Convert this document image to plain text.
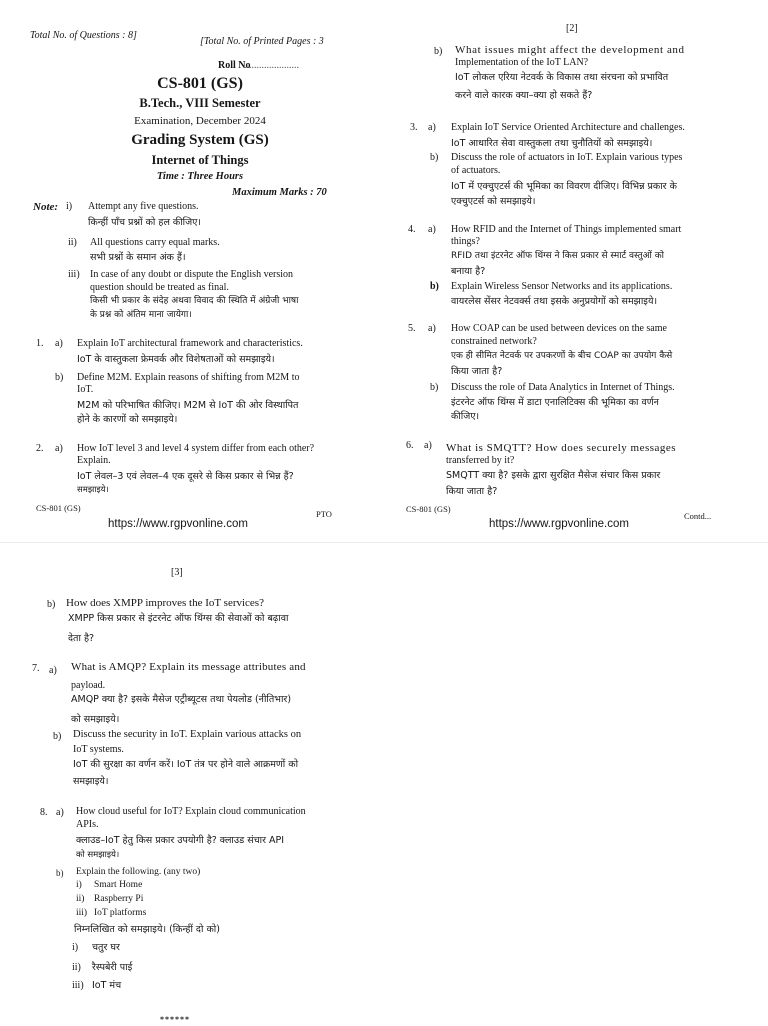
Total No. of Questions : 8]
[Total No. of Printed Pages : 3
Roll No
......................
CS-801 (GS)
B.Tech., VIII Semester
Examination, December 2024
Grading System (GS)
Internet of Things
Time : Three Hours
Maximum Marks : 70
Note: i) Attempt any five questions.
किन्हीं पाँच प्रश्नों को हल कीजिए।
ii) All questions carry equal marks.
सभी प्रश्नों के समान अंक हैं।
iii) In case of any doubt or dispute the English version
question should be treated as final.
किसी भी प्रकार के संदेह अथवा विवाद की स्थिति में अंग्रेजी भाषा
के प्रश्न को अंतिम माना जायेगा।
1. a) Explain IoT architectural framework and characteristics.
IoT के वास्तुकला फ्रेमवर्क और विशेषताओं को समझाइये।
b) Define M2M. Explain reasons of shifting from M2M to
IoT.
M2M को परिभाषित कीजिए। M2M से IoT की ओर विस्थापित
होने के कारणों को समझाइये।
2. a) How IoT level 3 and level 4 system differ from each other?
Explain.
IoT लेवल–3 एवं लेवल–4 एक दूसरे से किस प्रकार से भिन्न हैं?
समझाइये।
CS-801 (GS)
PTO
https://www.rgpvonline.com
[2]
b) What issues might affect the development and
Implementation of the IoT LAN?
IoT लोकल एरिया नेटवर्क के विकास तथा संरचना को प्रभावित
करने वाले कारक क्या–क्या हो सकते हैं?
3. a) Explain IoT Service Oriented Architecture and challenges.
IoT आधारित सेवा वास्तुकला तथा चुनौतियों को समझाइये।
b) Discuss the role of actuators in IoT. Explain various types
of actuators.
IoT में एक्चुएटर्स की भूमिका का विवरण दीजिए। विभिन्न प्रकार के
एक्चुएटर्स को समझाइये।
4. a) How RFID and the Internet of Things implemented smart
things?
RFID तथा इंटरनेट ऑफ थिंग्स ने किस प्रकार से स्मार्ट वस्तुओं को
बनाया है?
b) Explain Wireless Sensor Networks and its applications.
वायरलेस सेंसर नेटवर्क्स तथा इसके अनुप्रयोगों को समझाइये।
5. a) How COAP can be used between devices on the same
constrained network?
एक ही सीमित नेटवर्क पर उपकरणों के बीच COAP का उपयोग कैसे
किया जाता है?
b) Discuss the role of Data Analytics in Internet of Things.
इंटरनेट ऑफ थिंग्स में डाटा एनालिटिक्स की भूमिका का वर्णन
कीजिए।
6. a) What is SMQTT? How does securely messages
transferred by it?
SMQTT क्या है? इसके द्वारा सुरक्षित मैसेज संचार किस प्रकार
किया जाता है?
CS-801 (GS)
Contd...
https://www.rgpvonline.com
[3]
b) How does XMPP improves the IoT services?
XMPP किस प्रकार से इंटरनेट ऑफ थिंग्स की सेवाओं को बढ़ावा
देता है?
7. a) What is AMQP? Explain its message attributes and
payload.
AMQP क्या है? इसके मैसेज एट्रीब्यूटस तथा पेयलोड (नीतिभार)
को समझाइये।
b) Discuss the security in IoT. Explain various attacks on
IoT systems.
IoT की सुरक्षा का वर्णन करें। IoT तंत्र पर होने वाले आक्रमणों को
समझाइये।
8. a) How cloud useful for IoT? Explain cloud communication
APIs.
क्लाउड–IoT हेतु किस प्रकार उपयोगी है? क्लाउड संचार API
को समझाइये।
b) Explain the following. (any two)
i) Smart Home
ii) Raspberry Pi
iii) IoT platforms
निम्नलिखित को समझाइये। (किन्हीं दो को)
i) चतुर घर
ii) रैस्पबेरी पाई
iii) IoT मंच
******
